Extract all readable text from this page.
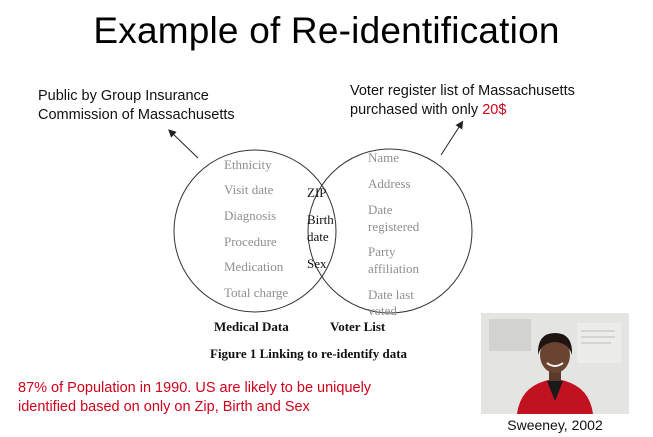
Example of Re-identification
Public by Group Insurance
Commission of Massachusetts
Voter register list of Massachusetts
purchased with only 20$
Ethnicity
Visit date
Diagnosis
Procedure
Medication
Total charge
ZIP
Birth
date
Sex
Name
Address
Date
registered
Party
affiliation
Date last
voted
Medical Data	Voter List
Figure 1 Linking to re-identify data
87% of Population in 1990. US are likely to be uniquely identified based on only on Zip, Birth and Sex
Sweeney, 2002
